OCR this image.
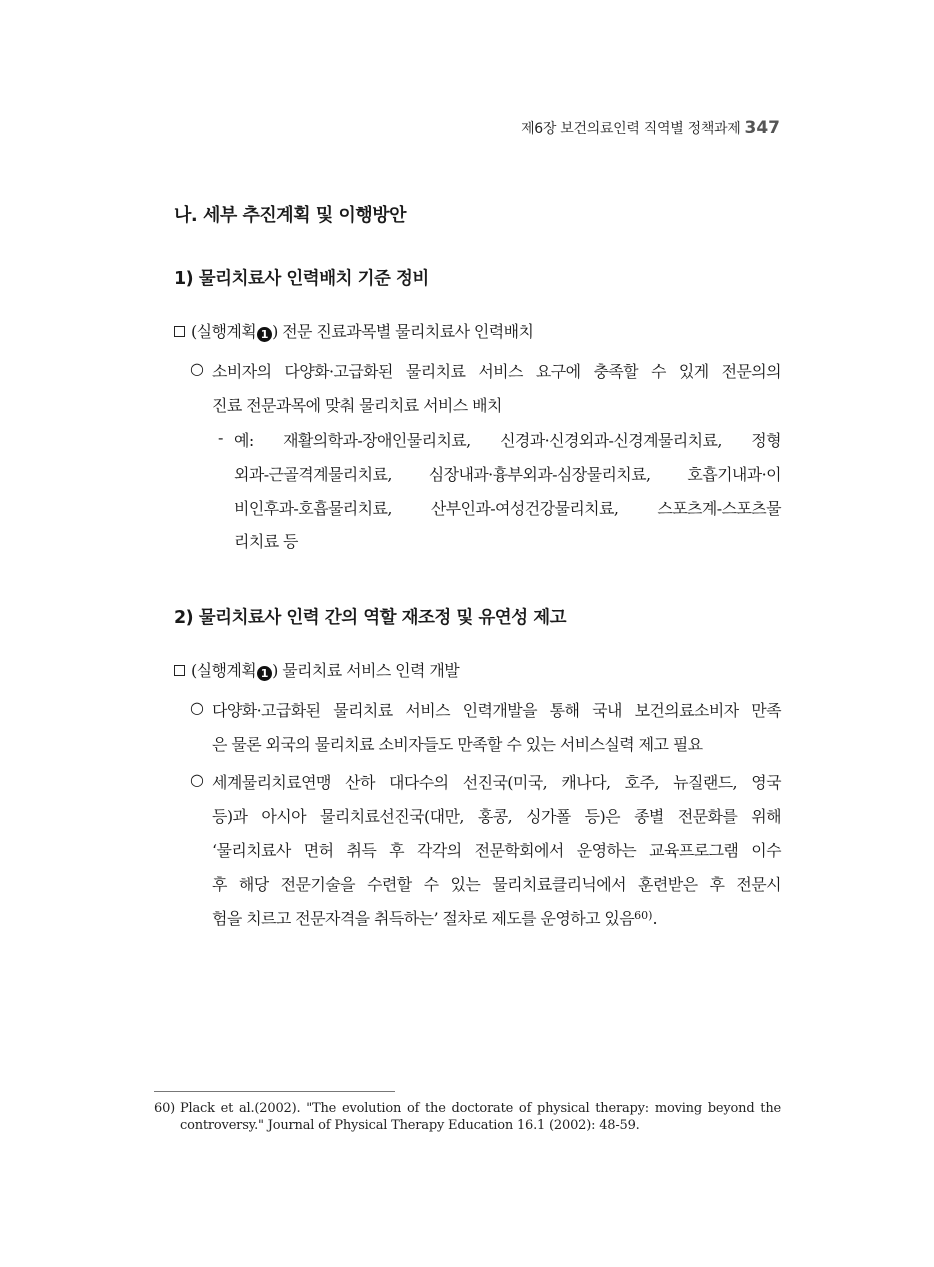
제6장 보건의료인력 직역별 정책과제 347
나. 세부 추진계획 및 이행방안
1) 물리치료사 인력배치 기준 정비
(실행계획 1 ) 전문 진료과목별 물리치료사 인력배치
○ 소비자의 다양화·고급화된 물리치료 서비스 요구에 충족할 수 있게 전문의의
진료 전문과목에 맞춰 물리치료 서비스 배치
- 예: 재활의학과-장애인물리치료, 신경과·신경외과-신경계물리치료, 정형
외과-근골격계물리치료, 심장내과·흉부외과-심장물리치료, 호흡기내과·이
비인후과-호흡물리치료, 산부인과-여성건강물리치료, 스포츠계-스포츠물
리치료 등
2) 물리치료사 인력 간의 역할 재조정 및 유연성 제고
(실행계획 1 ) 물리치료 서비스 인력 개발
○ 다양화·고급화된 물리치료 서비스 인력개발을 통해 국내 보건의료소비자 만족
은 물론 외국의 물리치료 소비자들도 만족할 수 있는 서비스실력 제고 필요
○ 세계물리치료연맹 산하 대다수의 선진국(미국, 캐나다, 호주, 뉴질랜드, 영국
등)과 아시아 물리치료선진국(대만, 홍콩, 싱가폴 등)은 종별 전문화를 위해
‘물리치료사 면허 취득 후 각각의 전문학회에서 운영하는 교육프로그램 이수
후 해당 전문기술을 수련할 수 있는 물리치료클리닉에서 훈련받은 후 전문시
험을 치르고 전문자격을 취득하는’ 절차로 제도를 운영하고 있음$^{60)}$.
60) Plack et al.(2002). "The evolution of the doctorate of physical therapy: moving beyond the
controversy." Journal of Physical Therapy Education 16.1 (2002): 48-59.
